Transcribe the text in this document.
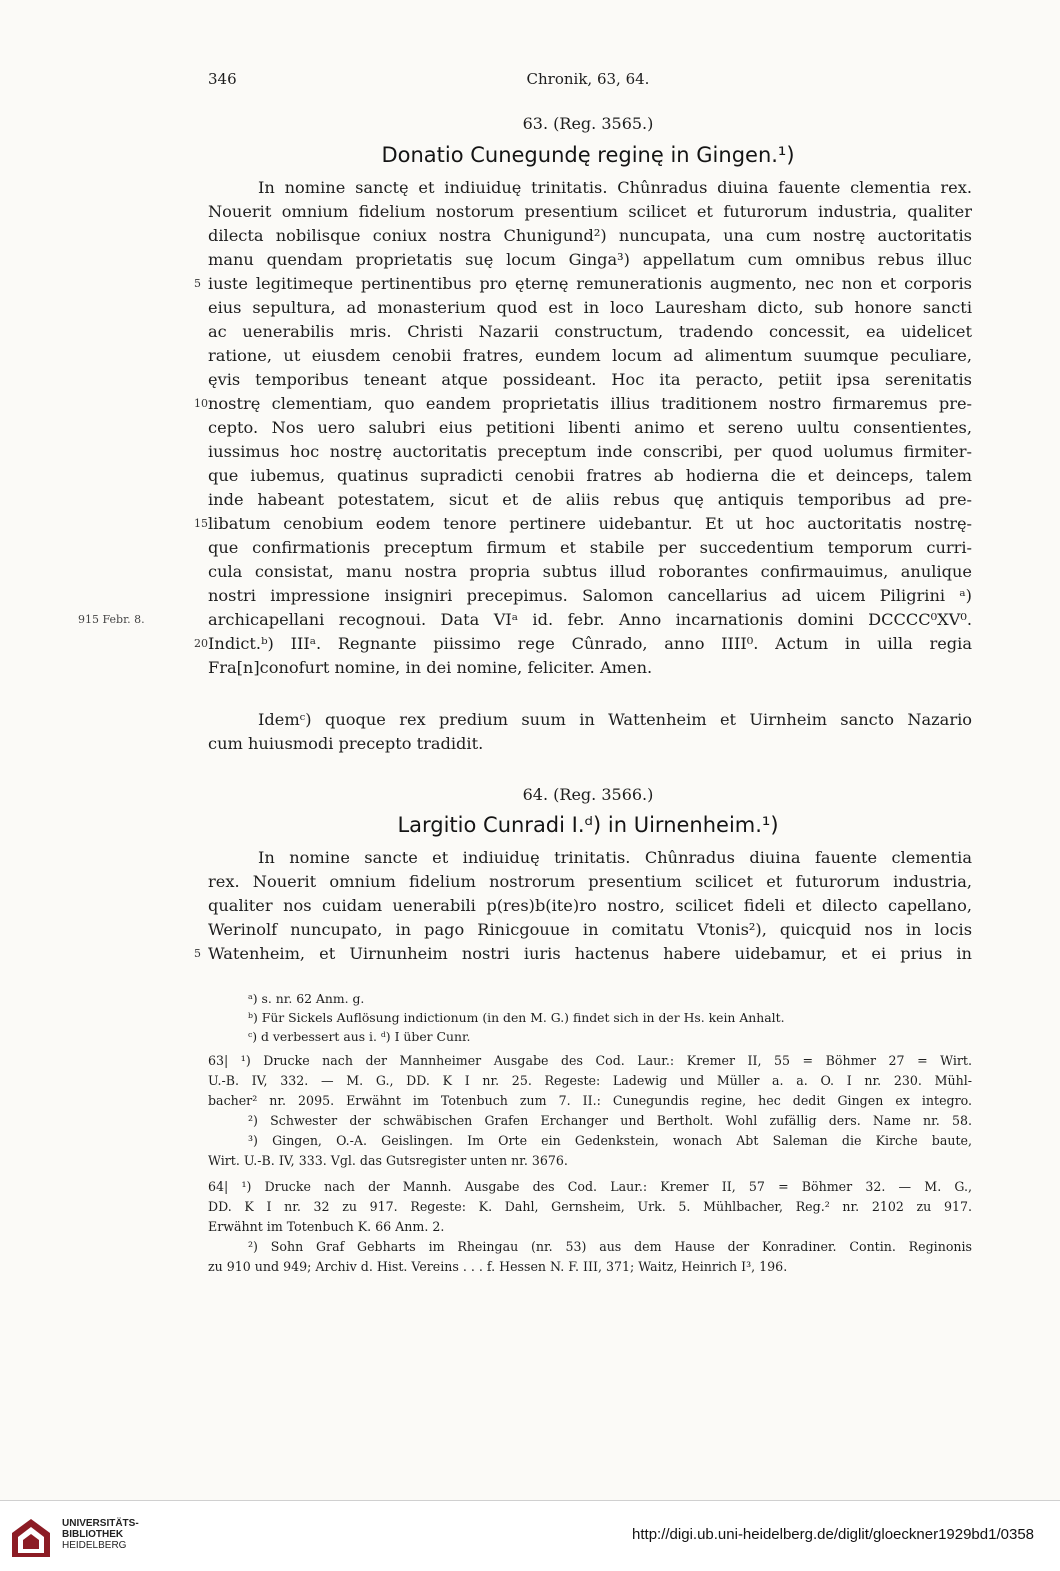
346	Chronik, 63, 64.
63. (Reg. 3565.)
Donatio Cunegundę reginę in Gingen.¹)
In nomine sanctę et indiuiduę trinitatis. Chûnradus diuina fauente clementia rex.
Nouerit omnium fidelium nostorum presentium scilicet et futurorum industria, qualiter
dilecta nobilisque coniux nostra Chunigund²) nuncupata, una cum nostrę auctoritatis
manu quendam proprietatis suę locum Ginga³) appellatum cum omnibus rebus illuc
5 iuste legitimeque pertinentibus pro ęternę remunerationis augmento, nec non et corporis
eius sepultura, ad monasterium quod est in loco Lauresham dicto, sub honore sancti
ac uenerabilis mris. Christi Nazarii constructum, tradendo concessit, ea uidelicet
ratione, ut eiusdem cenobii fratres, eundem locum ad alimentum suumque peculiare,
ęvis temporibus teneant atque possideant. Hoc ita peracto, petiit ipsa serenitatis
10 nostrę clementiam, quo eandem proprietatis illius traditionem nostro firmaremus pre-
cepto. Nos uero salubri eius petitioni libenti animo et sereno uultu consentientes,
iussimus hoc nostrę auctoritatis preceptum inde conscribi, per quod uolumus firmiter-
que iubemus, quatinus supradicti cenobii fratres ab hodierna die et deinceps, talem
inde habeant potestatem, sicut et de aliis rebus quę antiquis temporibus ad pre-
15 libatum cenobium eodem tenore pertinere uidebantur. Et ut hoc auctoritatis nostrę-
que confirmationis preceptum firmum et stabile per succedentium temporum curri-
cula consistat, manu nostra propria subtus illud roborantes confirmauimus, anulique
nostri impressione insigniri precepimus. Salomon cancellarius ad uicem Piligrini ᵃ)
915 Febr. 8.	archicapellani recognoui. Data VIᵃ id. febr. Anno incarnationis domini DCCCC⁰XV⁰.
20 Indict.ᵇ) IIIᵃ. Regnante piissimo rege Cûnrado, anno IIII⁰. Actum in uilla regia
Fra[n]conofurt nomine, in dei nomine, feliciter. Amen.
Idemᶜ) quoque rex predium suum in Wattenheim et Uirnheim sancto Nazario
cum huiusmodi precepto tradidit.
64. (Reg. 3566.)
Largitio Cunradi I.ᵈ) in Uirnenheim.¹)
In nomine sancte et indiuiduę trinitatis. Chûnradus diuina fauente clementia
rex. Nouerit omnium fidelium nostrorum presentium scilicet et futurorum industria,
qualiter nos cuidam uenerabili p(res)b(ite)ro nostro, scilicet fideli et dilecto capellano,
Werinolf nuncupato, in pago Rinicgouue in comitatu Vtonis²), quicquid nos in locis
5 Watenheim, et Uirnunheim nostri iuris hactenus habere uidebamur, et ei prius in
ᵃ) s. nr. 62 Anm. g.
ᵇ) Für Sickels Auflösung indictionum (in den M. G.) findet sich in der Hs. kein Anhalt.
ᶜ) d verbessert aus i. ᵈ) I über Cunr.
63| ¹) Drucke nach der Mannheimer Ausgabe des Cod. Laur.: Kremer II, 55 = Böhmer 27 = Wirt.
U.-B. IV, 332. — M. G., DD. K I nr. 25. Regeste: Ladewig und Müller a. a. O. I nr. 230. Mühl-
bacher² nr. 2095. Erwähnt im Totenbuch zum 7. II.: Cunegundis regine, hec dedit Gingen ex integro.
²) Schwester der schwäbischen Grafen Erchanger und Bertholt. Wohl zufällig ders. Name nr. 58.
³) Gingen, O.-A. Geislingen. Im Orte ein Gedenkstein, wonach Abt Saleman die Kirche baute,
Wirt. U.-B. IV, 333. Vgl. das Gutsregister unten nr. 3676.
64| ¹) Drucke nach der Mannh. Ausgabe des Cod. Laur.: Kremer II, 57 = Böhmer 32. — M. G.,
DD. K I nr. 32 zu 917. Regeste: K. Dahl, Gernsheim, Urk. 5. Mühlbacher, Reg.² nr. 2102 zu 917.
Erwähnt im Totenbuch K. 66 Anm. 2.
²) Sohn Graf Gebharts im Rheingau (nr. 53) aus dem Hause der Konradiner. Contin. Reginonis
zu 910 und 949; Archiv d. Hist. Vereins . . . f. Hessen N. F. III, 371; Waitz, Heinrich I³, 196.
UNIVERSITÄTS-
BIBLIOTHEK
HEIDELBERG
http://digi.ub.uni-heidelberg.de/diglit/gloeckner1929bd1/0358
